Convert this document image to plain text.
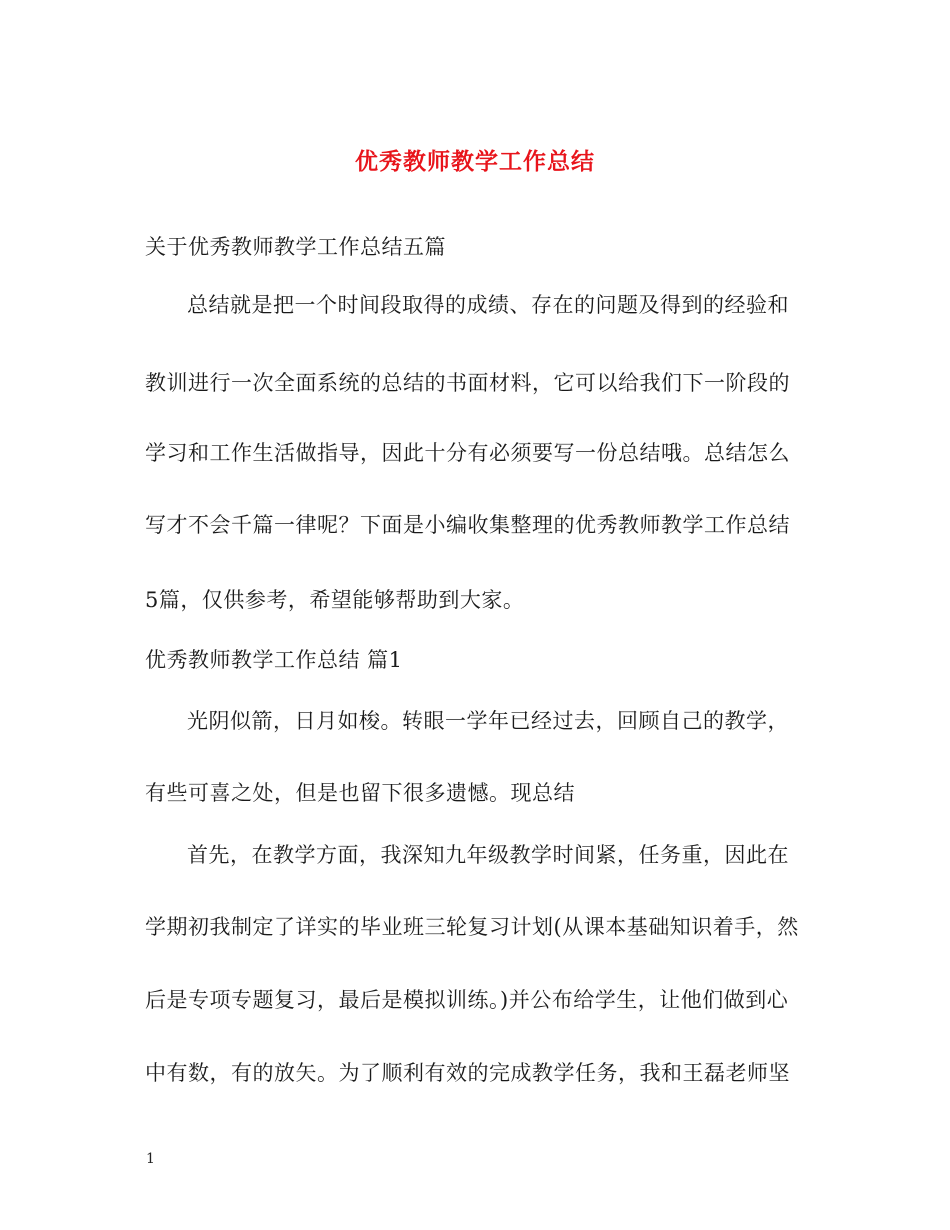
优秀教师教学工作总结
关于优秀教师教学工作总结五篇
总结就是把一个时间段取得的成绩、存在的问题及得到的经验和
教训进行一次全面系统的总结的书面材料，它可以给我们下一阶段的
学习和工作生活做指导，因此十分有必须要写一份总结哦。总结怎么
写才不会千篇一律呢？下面是小编收集整理的优秀教师教学工作总结
5篇，仅供参考，希望能够帮助到大家。
优秀教师教学工作总结 篇1
光阴似箭，日月如梭。转眼一学年已经过去，回顾自己的教学，
有些可喜之处，但是也留下很多遗憾。现总结
首先，在教学方面，我深知九年级教学时间紧，任务重，因此在
学期初我制定了详实的毕业班三轮复习计划(从课本基础知识着手，然
后是专项专题复习，最后是模拟训练。)并公布给学生，让他们做到心
中有数，有的放矢。为了顺利有效的完成教学任务，我和王磊老师坚
1
